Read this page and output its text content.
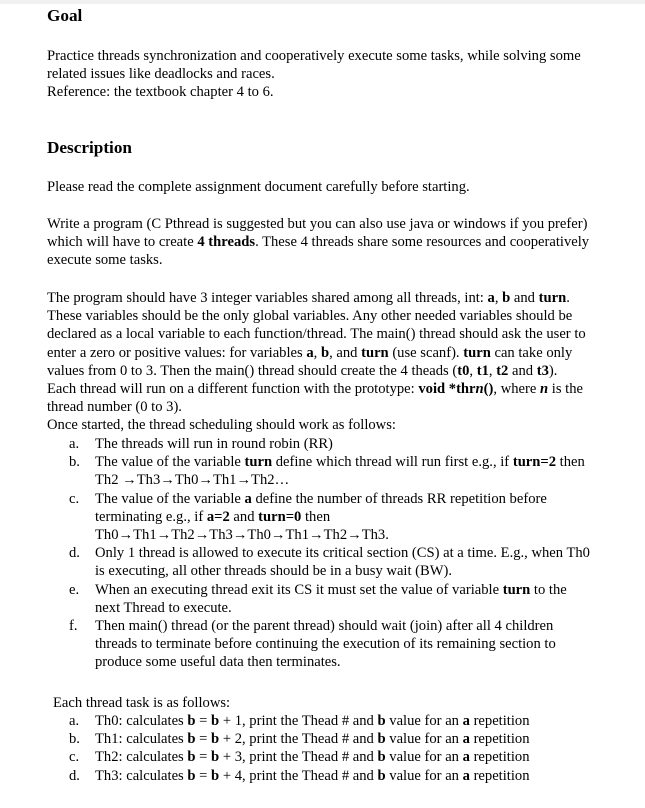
Goal
Practice threads synchronization and cooperatively execute some tasks, while solving some
related issues like deadlocks and races.
Reference: the textbook chapter 4 to 6.
Description
Please read the complete assignment document carefully before starting.
Write a program (C Pthread is suggested but you can also use java or windows if you prefer)
which will have to create 4 threads. These 4 threads share some resources and cooperatively
execute some tasks.
The program should have 3 integer variables shared among all threads, int: a, b and turn.
These variables should be the only global variables. Any other needed variables should be
declared as a local variable to each function/thread. The main() thread should ask the user to
enter a zero or positive values: for variables a, b, and turn (use scanf). turn can take only
values from 0 to 3. Then the main() thread should create the 4 theads (t0, t1, t2 and t3).
Each thread will run on a different function with the prototype: void *thrn(), where n is the
thread number (0 to 3).
Once started, the thread scheduling should work as follows:
a. The threads will run in round robin (RR)
b. The value of the variable turn define which thread will run first e.g., if turn=2 then
Th2 →Th3→Th0→Th1→Th2…
c. The value of the variable a define the number of threads RR repetition before
terminating e.g., if a=2 and turn=0 then
Th0→Th1→Th2→Th3→Th0→Th1→Th2→Th3.
d. Only 1 thread is allowed to execute its critical section (CS) at a time. E.g., when Th0
is executing, all other threads should be in a busy wait (BW).
e. When an executing thread exit its CS it must set the value of variable turn to the
next Thread to execute.
f. Then main() thread (or the parent thread) should wait (join) after all 4 children
threads to terminate before continuing the execution of its remaining section to
produce some useful data then terminates.
Each thread task is as follows:
a. Th0: calculates b = b + 1, print the Thead # and b value for an a repetition
b. Th1: calculates b = b + 2, print the Thead # and b value for an a repetition
c. Th2: calculates b = b + 3, print the Thead # and b value for an a repetition
d. Th3: calculates b = b + 4, print the Thead # and b value for an a repetition
